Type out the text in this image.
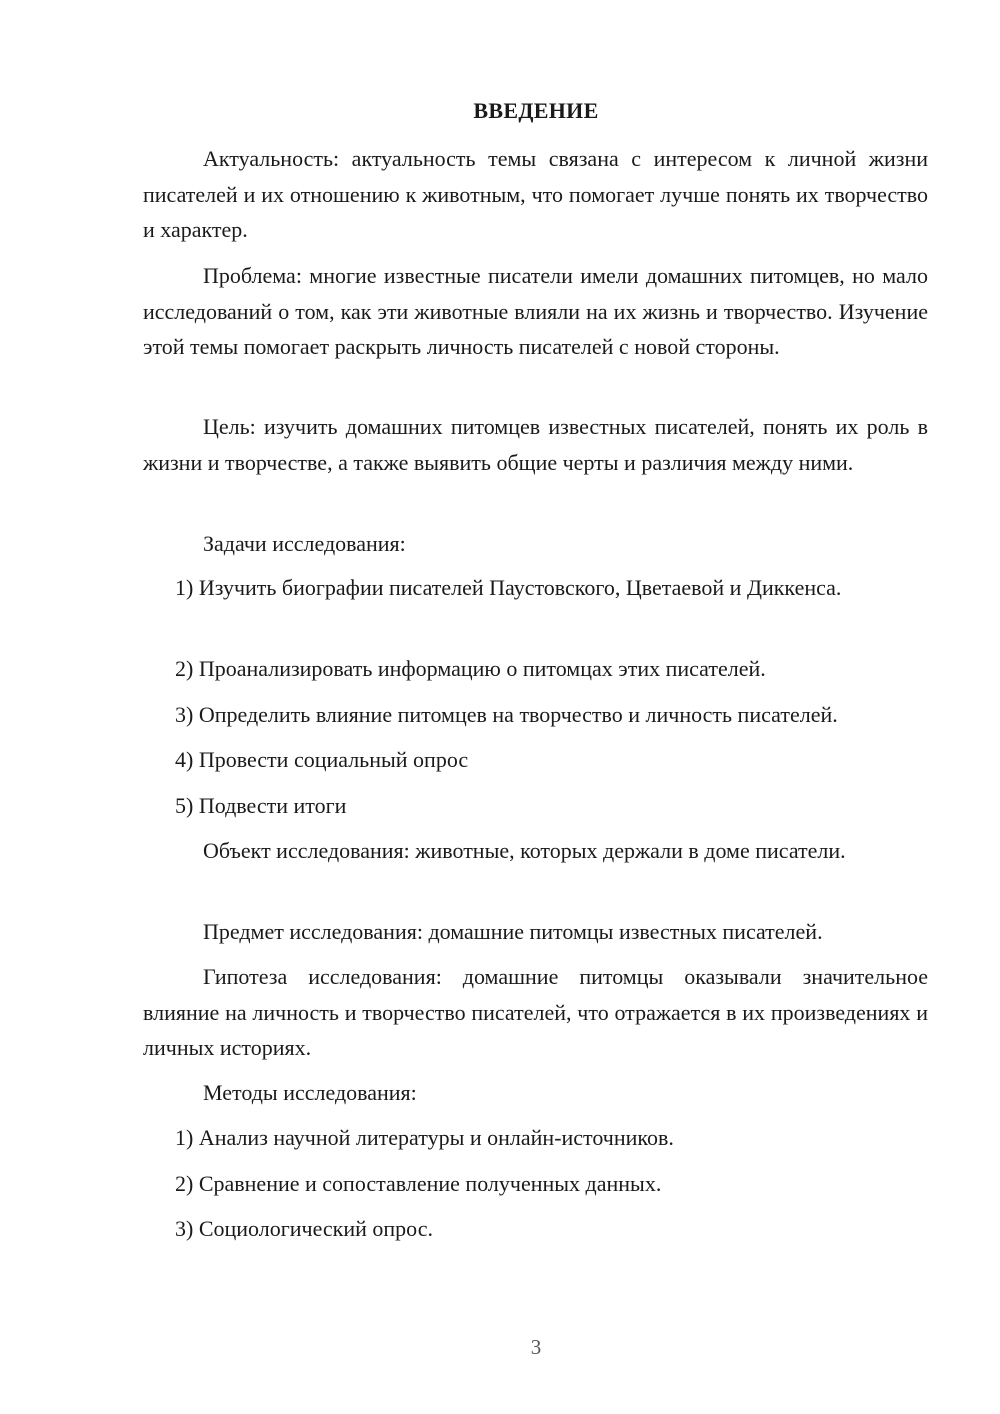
ВВЕДЕНИЕ

Актуальность: актуальность темы связана с интересом к личной жизни писателей и их отношению к животным, что помогает лучше понять их творчество и характер.

Проблема: многие известные писатели имели домашних питомцев, но мало исследований о том, как эти животные влияли на их жизнь и творчество. Изучение этой темы помогает раскрыть личность писателей с новой стороны.

Цель: изучить домашних питомцев известных писателей, понять их роль в жизни и творчестве, а также выявить общие черты и различия между ними.

Задачи исследования:

1) Изучить биографии писателей Паустовского, Цветаевой и Диккенса.

2) Проанализировать информацию о питомцах этих писателей.

3) Определить влияние питомцев на творчество и личность писателей.

4) Провести социальный опрос

5) Подвести итоги

Объект исследования: животные, которых держали в доме писатели.

Предмет исследования: домашние питомцы известных писателей.

Гипотеза исследования: домашние питомцы оказывали значительное влияние на личность и творчество писателей, что отражается в их произведениях и личных историях.

Методы исследования:

1) Анализ научной литературы и онлайн-источников.

2) Сравнение и сопоставление полученных данных.

3) Социологический опрос.

3
